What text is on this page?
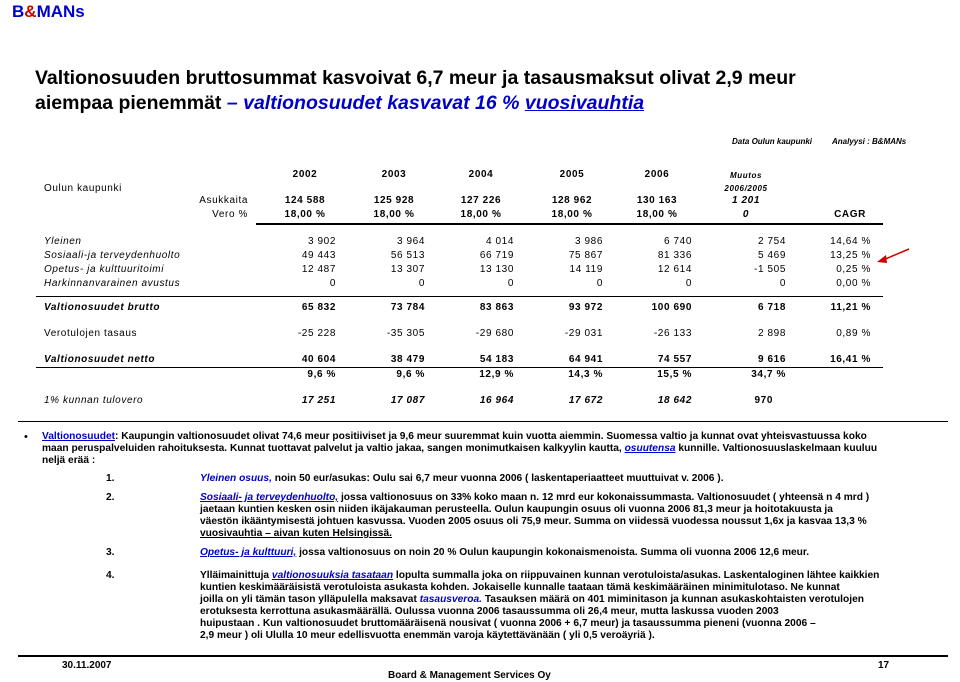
B&MANs
Valtionosuuden bruttosummat kasvoivat 6,7 meur ja tasausmaksut olivat 2,9 meur
aiempaa pienemmät – valtionosuudet kasvavat 16 % vuosivauhtia
Data Oulun kaupunki Analyysi : B&MANs
Oulun kaupunki
2002	2003	2004	2005	2006	Muutos
2006/2005
Asukkaita	124 588	125 928	127 226	128 962	130 163	1 201
Vero %	18,00 %	18,00 %	18,00 %	18,00 %	18,00 %	0	CAGR
Yleinen	3 902	3 964	4 014	3 986	6 740	2 754	14,64 %
Sosiaali-ja terveydenhuolto	49 443	56 513	66 719	75 867	81 336	5 469	13,25 %
Opetus- ja kulttuuritoimi	12 487	13 307	13 130	14 119	12 614	-1 505	0,25 %
Harkinnanvarainen avustus	0	0	0	0	0	0	0,00 %
Valtionosuudet brutto	65 832	73 784	83 863	93 972	100 690	6 718	11,21 %
Verotulojen tasaus	-25 228	-35 305	-29 680	-29 031	-26 133	2 898	0,89 %
Valtionosuudet netto	40 604	38 479	54 183	64 941	74 557	9 616	16,41 %
9,6 %	9,6 %	12,9 %	14,3 %	15,5 %	34,7 %
1% kunnan tulovero	17 251	17 087	16 964	17 672	18 642	970
• Valtionosuudet: Kaupungin valtionosuudet olivat 74,6 meur positiiviset ja 9,6 meur suuremmat kuin vuotta aiemmin. Suomessa valtio ja kunnat ovat yhteisvastuussa koko
maan peruspalveluiden rahoituksesta. Kunnat tuottavat palvelut ja valtio jakaa, sangen monimutkaisen kalkyylin kautta, osuutensa kunnille. Valtionosuuslaskelmaan kuuluu
neljä erää :
1.	Yleinen osuus, noin 50 eur/asukas: Oulu sai 6,7 meur vuonna 2006 ( laskentaperiaatteet muuttuivat v. 2006 ).
2.	Sosiaali- ja terveydenhuolto, jossa valtionosuus on 33% koko maan n. 12 mrd eur kokonaissummasta. Valtionosuudet ( yhteensä n 4 mrd )
jaetaan kuntien kesken osin niiden ikäjakauman perusteella. Oulun kaupungin osuus oli vuonna 2006 81,3 meur ja hoitotakuusta ja
väestön ikääntymisestä johtuen kasvussa. Vuoden 2005 osuus oli 75,9 meur. Summa on viidessä vuodessa noussut 1,6x ja kasvaa 13,3 %
vuosivauhtia – aivan kuten Helsingissä.
3.	Opetus- ja kulttuuri, jossa valtionosuus on noin 20 % Oulun kaupungin kokonaismenoista. Summa oli vuonna 2006 12,6 meur.
4.	Ylläimainittuja valtionosuuksia tasataan lopulta summalla joka on riippuvainen kunnan verotuloista/asukas. Laskentaloginen lähtee kaikkien
kuntien keskimääräisistä verotuloista asukasta kohden. Jokaiselle kunnalle taataan tämä keskimääräinen minimitulotaso. Ne kunnat
joilla on yli tämän tason ylläpulella maksavat tasausveroa. Tasauksen määrä on 401 miminitason ja kunnan asukaskohtaisten verotulojen
erotuksesta kerrottuna asukasmäärällä. Oulussa vuonna 2006 tasaussumma oli 26,4 meur, mutta laskussa vuoden 2003
huipustaan . Kun valtionosuudet bruttomääräisenä nousivat ( vuonna 2006 + 6,7 meur) ja tasaussumma pieneni (vuonna 2006 –
2,9 meur ) oli Ululla 10 meur edellisvuotta enemmän varoja käytettävänään ( yli 0,5 veroäyriä ).
30.11.2007
Board & Management Services Oy
17
